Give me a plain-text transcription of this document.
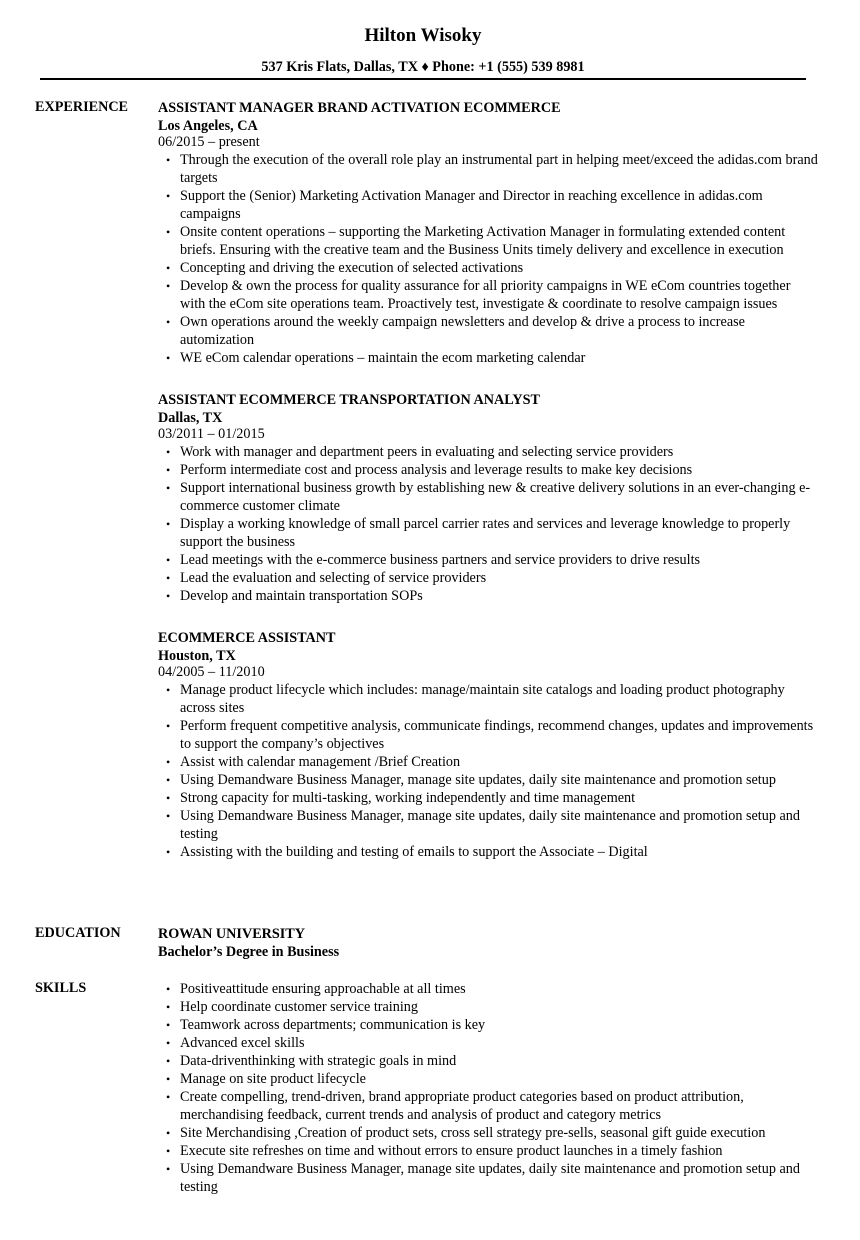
Hilton Wisoky
537 Kris Flats, Dallas, TX ♦ Phone: +1 (555) 539 8981
EXPERIENCE ASSISTANT MANAGER BRAND ACTIVATION ECOMMERCE
Los Angeles, CA
06/2015 – present
• Through the execution of the overall role play an instrumental part in helping meet/exceed the adidas.com brand targets
• Support the (Senior) Marketing Activation Manager and Director in reaching excellence in adidas.com campaigns
• Onsite content operations – supporting the Marketing Activation Manager in formulating extended content briefs. Ensuring with the creative team and the Business Units timely delivery and excellence in execution
• Concepting and driving the execution of selected activations
• Develop & own the process for quality assurance for all priority campaigns in WE eCom countries together with the eCom site operations team. Proactively test, investigate & coordinate to resolve campaign issues
• Own operations around the weekly campaign newsletters and develop & drive a process to increase automization
• WE eCom calendar operations – maintain the ecom marketing calendar
ASSISTANT ECOMMERCE TRANSPORTATION ANALYST
Dallas, TX
03/2011 – 01/2015
• Work with manager and department peers in evaluating and selecting service providers
• Perform intermediate cost and process analysis and leverage results to make key decisions
• Support international business growth by establishing new & creative delivery solutions in an ever-changing e-commerce customer climate
• Display a working knowledge of small parcel carrier rates and services and leverage knowledge to properly support the business
• Lead meetings with the e-commerce business partners and service providers to drive results
• Lead the evaluation and selecting of service providers
• Develop and maintain transportation SOPs
ECOMMERCE ASSISTANT
Houston, TX
04/2005 – 11/2010
• Manage product lifecycle which includes: manage/maintain site catalogs and loading product photography across sites
• Perform frequent competitive analysis, communicate findings, recommend changes, updates and improvements to support the company’s objectives
• Assist with calendar management /Brief Creation
• Using Demandware Business Manager, manage site updates, daily site maintenance and promotion setup
• Strong capacity for multi-tasking, working independently and time management
• Using Demandware Business Manager, manage site updates, daily site maintenance and promotion setup and testing
• Assisting with the building and testing of emails to support the Associate – Digital
EDUCATION	ROWAN UNIVERSITY
Bachelor’s Degree in Business
SKILLS
•	Positiveattitude ensuring approachable at all times
• Help coordinate customer service training
• Teamwork across departments; communication is key
• Advanced excel skills
• Data-driventhinking with strategic goals in mind
• Manage on site product lifecycle
• Create compelling, trend-driven, brand appropriate product categories based on product attribution, merchandising feedback, current trends and analysis of product and category metrics
• Site Merchandising ,Creation of product sets, cross sell strategy pre-sells, seasonal gift guide execution
• Execute site refreshes on time and without errors to ensure product launches in a timely fashion
• Using Demandware Business Manager, manage site updates, daily site maintenance and promotion setup and testing
